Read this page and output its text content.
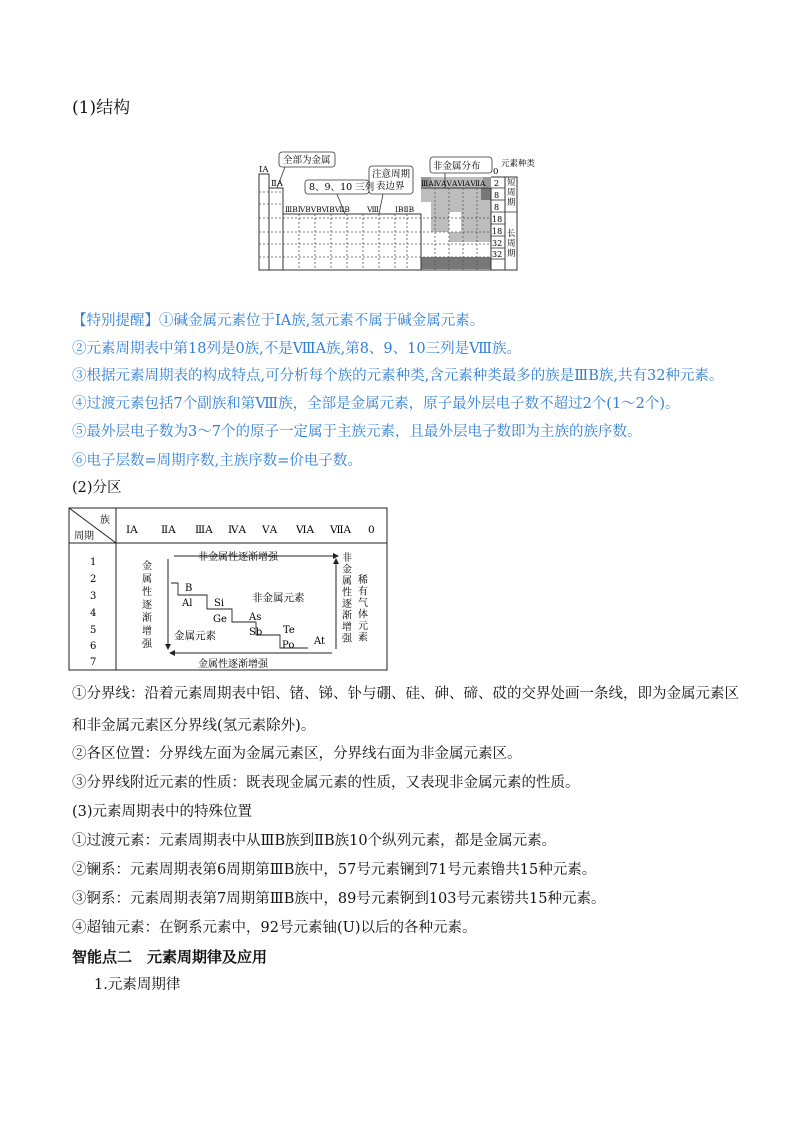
(1)结构
全部为金属
8、9、10 三列
注意周期
表边界
非金属分布
ⅠA
ⅡA
ⅢBⅣBⅤBⅥBⅦB Ⅷ ⅠBⅡB
ⅢAⅣAⅤAⅥAⅦA
0
元素种类
2
8
8
18
18
32
32
短
周
期
长
周
期
【特别提醒】①碱金属元素位于ⅠA族,氢元素不属于碱金属元素。
②元素周期表中第18列是0族,不是ⅧA族,第8、9、10三列是Ⅷ族。
③根据元素周期表的构成特点,可分析每个族的元素种类,含元素种类最多的族是ⅢB族,共有32种元素。
④过渡元素包括7个副族和第Ⅷ族，全部是金属元素，原子最外层电子数不超过2个(1～2个)。
⑤最外层电子数为3～7个的原子一定属于主族元素，且最外层电子数即为主族的族序数。
⑥电子层数=周期序数,主族序数=价电子数。
(2)分区
族
周期
ⅠA ⅡA ⅢA ⅣA ⅤA ⅥA ⅦA 0
1
2
3
4
5
6
7
非金属性逐渐增强
金属性逐渐增强
金
属
性
逐
渐
增
强
非
金
属
性
逐
渐
增
强
稀
有
气
体
元
素
B
Al Si
Ge As
Sb Te
Po At
非金属元素
金属元素
①分界线：沿着元素周期表中铝、锗、锑、钋与硼、硅、砷、碲、砹的交界处画一条线，即为金属元素区
和非金属元素区分界线(氢元素除外)。
②各区位置：分界线左面为金属元素区，分界线右面为非金属元素区。
③分界线附近元素的性质：既表现金属元素的性质，又表现非金属元素的性质。
(3)元素周期表中的特殊位置
①过渡元素：元素周期表中从ⅢB族到ⅡB族10个纵列元素，都是金属元素。
②镧系：元素周期表第6周期第ⅢB族中，57号元素镧到71号元素镥共15种元素。
③锕系：元素周期表第7周期第ⅢB族中，89号元素锕到103号元素铹共15种元素。
④超铀元素：在锕系元素中，92号元素铀(U)以后的各种元素。
智能点二　元素周期律及应用
1.元素周期律
